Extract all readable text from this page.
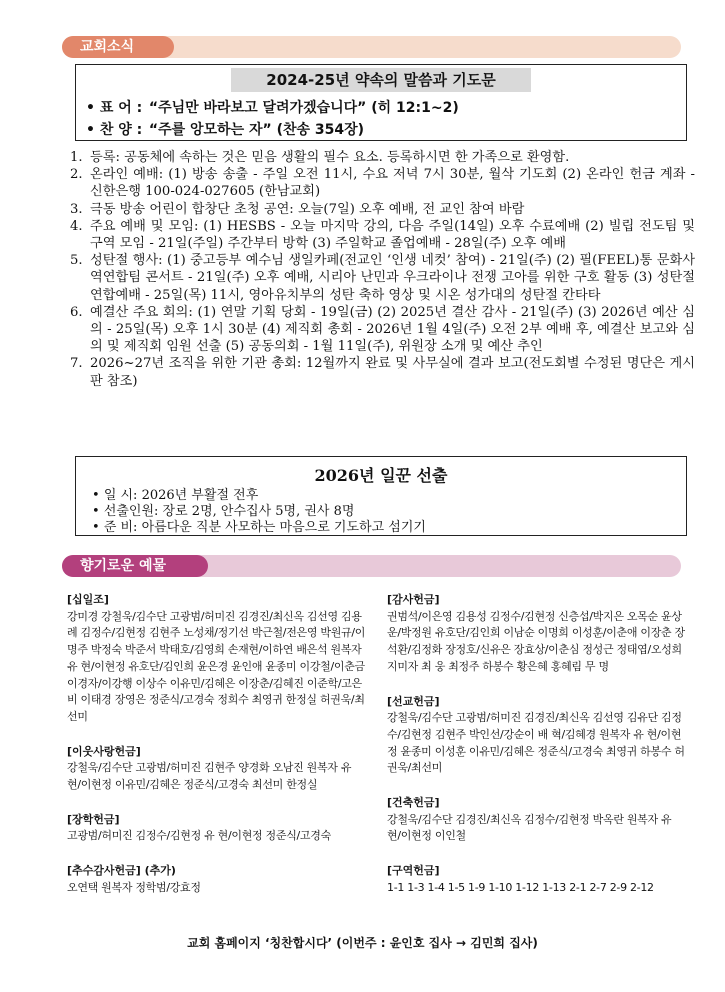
교회소식
2024-25년 약속의 말씀과 기도문
• 표 어 : “주님만 바라보고 달려가겠습니다” (히 12:1~2)
• 찬 양 : “주를 앙모하는 자” (찬송 354장)
1. 등록: 공동체에 속하는 것은 믿음 생활의 필수 요소. 등록하시면 한 가족으로 환영함.
2. 온라인 예배: (1) 방송 송출 - 주일 오전 11시, 수요 저녁 7시 30분, 월삭 기도회 (2) 온라인 헌금 계좌 - 신한은행 100-024-027605 (한남교회)
3. 극동 방송 어린이 합창단 초청 공연: 오늘(7일) 오후 예배, 전 교인 참여 바람
4. 주요 예배 및 모임: (1) HESBS - 오늘 마지막 강의, 다음 주일(14일) 오후 수료예배 (2) 빌립 전도팀 및 구역 모임 - 21일(주일) 주간부터 방학 (3) 주일학교 졸업예배 - 28일(주) 오후 예배
5. 성탄절 행사: (1) 중고등부 예수님 생일카페(전교인 ‘인생 네컷’ 참여) - 21일(주) (2) 필(FEEL)통 문화사역연합팀 콘서트 - 21일(주) 오후 예배, 시리아 난민과 우크라이나 전쟁 고아를 위한 구호 활동 (3) 성탄절 연합예배 - 25일(목) 11시, 영아유치부의 성탄 축하 영상 및 시온 성가대의 성탄절 칸타타
6. 예결산 주요 회의: (1) 연말 기획 당회 - 19일(금) (2) 2025년 결산 감사 - 21일(주) (3) 2026년 예산 심의 - 25일(목) 오후 1시 30분 (4) 제직회 총회 - 2026년 1월 4일(주) 오전 2부 예배 후, 예결산 보고와 심의 및 제직회 임원 선출 (5) 공동의회 - 1월 11일(주), 위원장 소개 및 예산 추인
7. 2026~27년 조직을 위한 기관 총회: 12월까지 완료 및 사무실에 결과 보고(전도회별 수정된 명단은 게시판 참조)
2026년 일꾼 선출
• 일 시: 2026년 부활절 전후
• 선출인원: 장로 2명, 안수집사 5명, 권사 8명
• 준 비: 아름다운 직분 사모하는 마음으로 기도하고 섬기기
향기로운 예물
[십일조]
강미경 강철욱/김수단 고광범/허미진 김경진/최신옥 김선영 김용례 김정수/김현정 김현주 노성채/정기선 박근철/전은영 박원규/이명주 박정숙 박준서 박태호/김영희 손재현/이하연 배은석 원복자 유 현/이현정 유호단/김인희 윤은경 윤인애 윤종미 이강철/이춘금 이경자/이강행 이상수 이유민/김혜은 이장춘/김혜진 이준학/고은비 이태경 장영은 정준식/고경숙 정희수 최영귀 한정실 허권욱/최선미
[이웃사랑헌금]
강철욱/김수단 고광범/허미진 김현주 양경화 오남진 원복자 유 현/이현정 이유민/김혜은 정준식/고경숙 최선미 한정실
[장학헌금]
고광범/허미진 김정수/김현정 유 현/이현정 정준식/고경숙
[추수감사헌금] (추가)
오연택 원복자 정학범/강효정
[감사헌금]
권범석/이은영 김용성 김정수/김현정 신층섭/박지은 오목순 윤상운/박정원 유호단/김인희 이남순 이명희 이성훈/이춘애 이장춘 장석환/김정화 장정호/신유은 장효상/이춘심 정성근 정태엽/오성희 지미자 최 웅 최정주 하봉수 황은혜 홍혜림 무 명
[선교헌금]
강철욱/김수단 고광범/허미진 김경진/최신옥 김선영 김유단 김정수/김현정 김현주 박인선/강순이 배 혁/김혜경 원복자 유 현/이현정 윤종미 이성훈 이유민/김혜은 정준식/고경숙 최영귀 하봉수 허권욱/최선미
[건축헌금]
강철욱/김수단 김경진/최신옥 김정수/김현정 박옥란 원복자 유 현/이현정 이인철
[구역헌금]
1-1 1-3 1-4 1-5 1-9 1-10 1-12 1-13 2-1 2-7 2-9 2-12
교회 홈페이지 ‘칭찬합시다’ (이번주 : 윤인호 집사 → 김민희 집사)
